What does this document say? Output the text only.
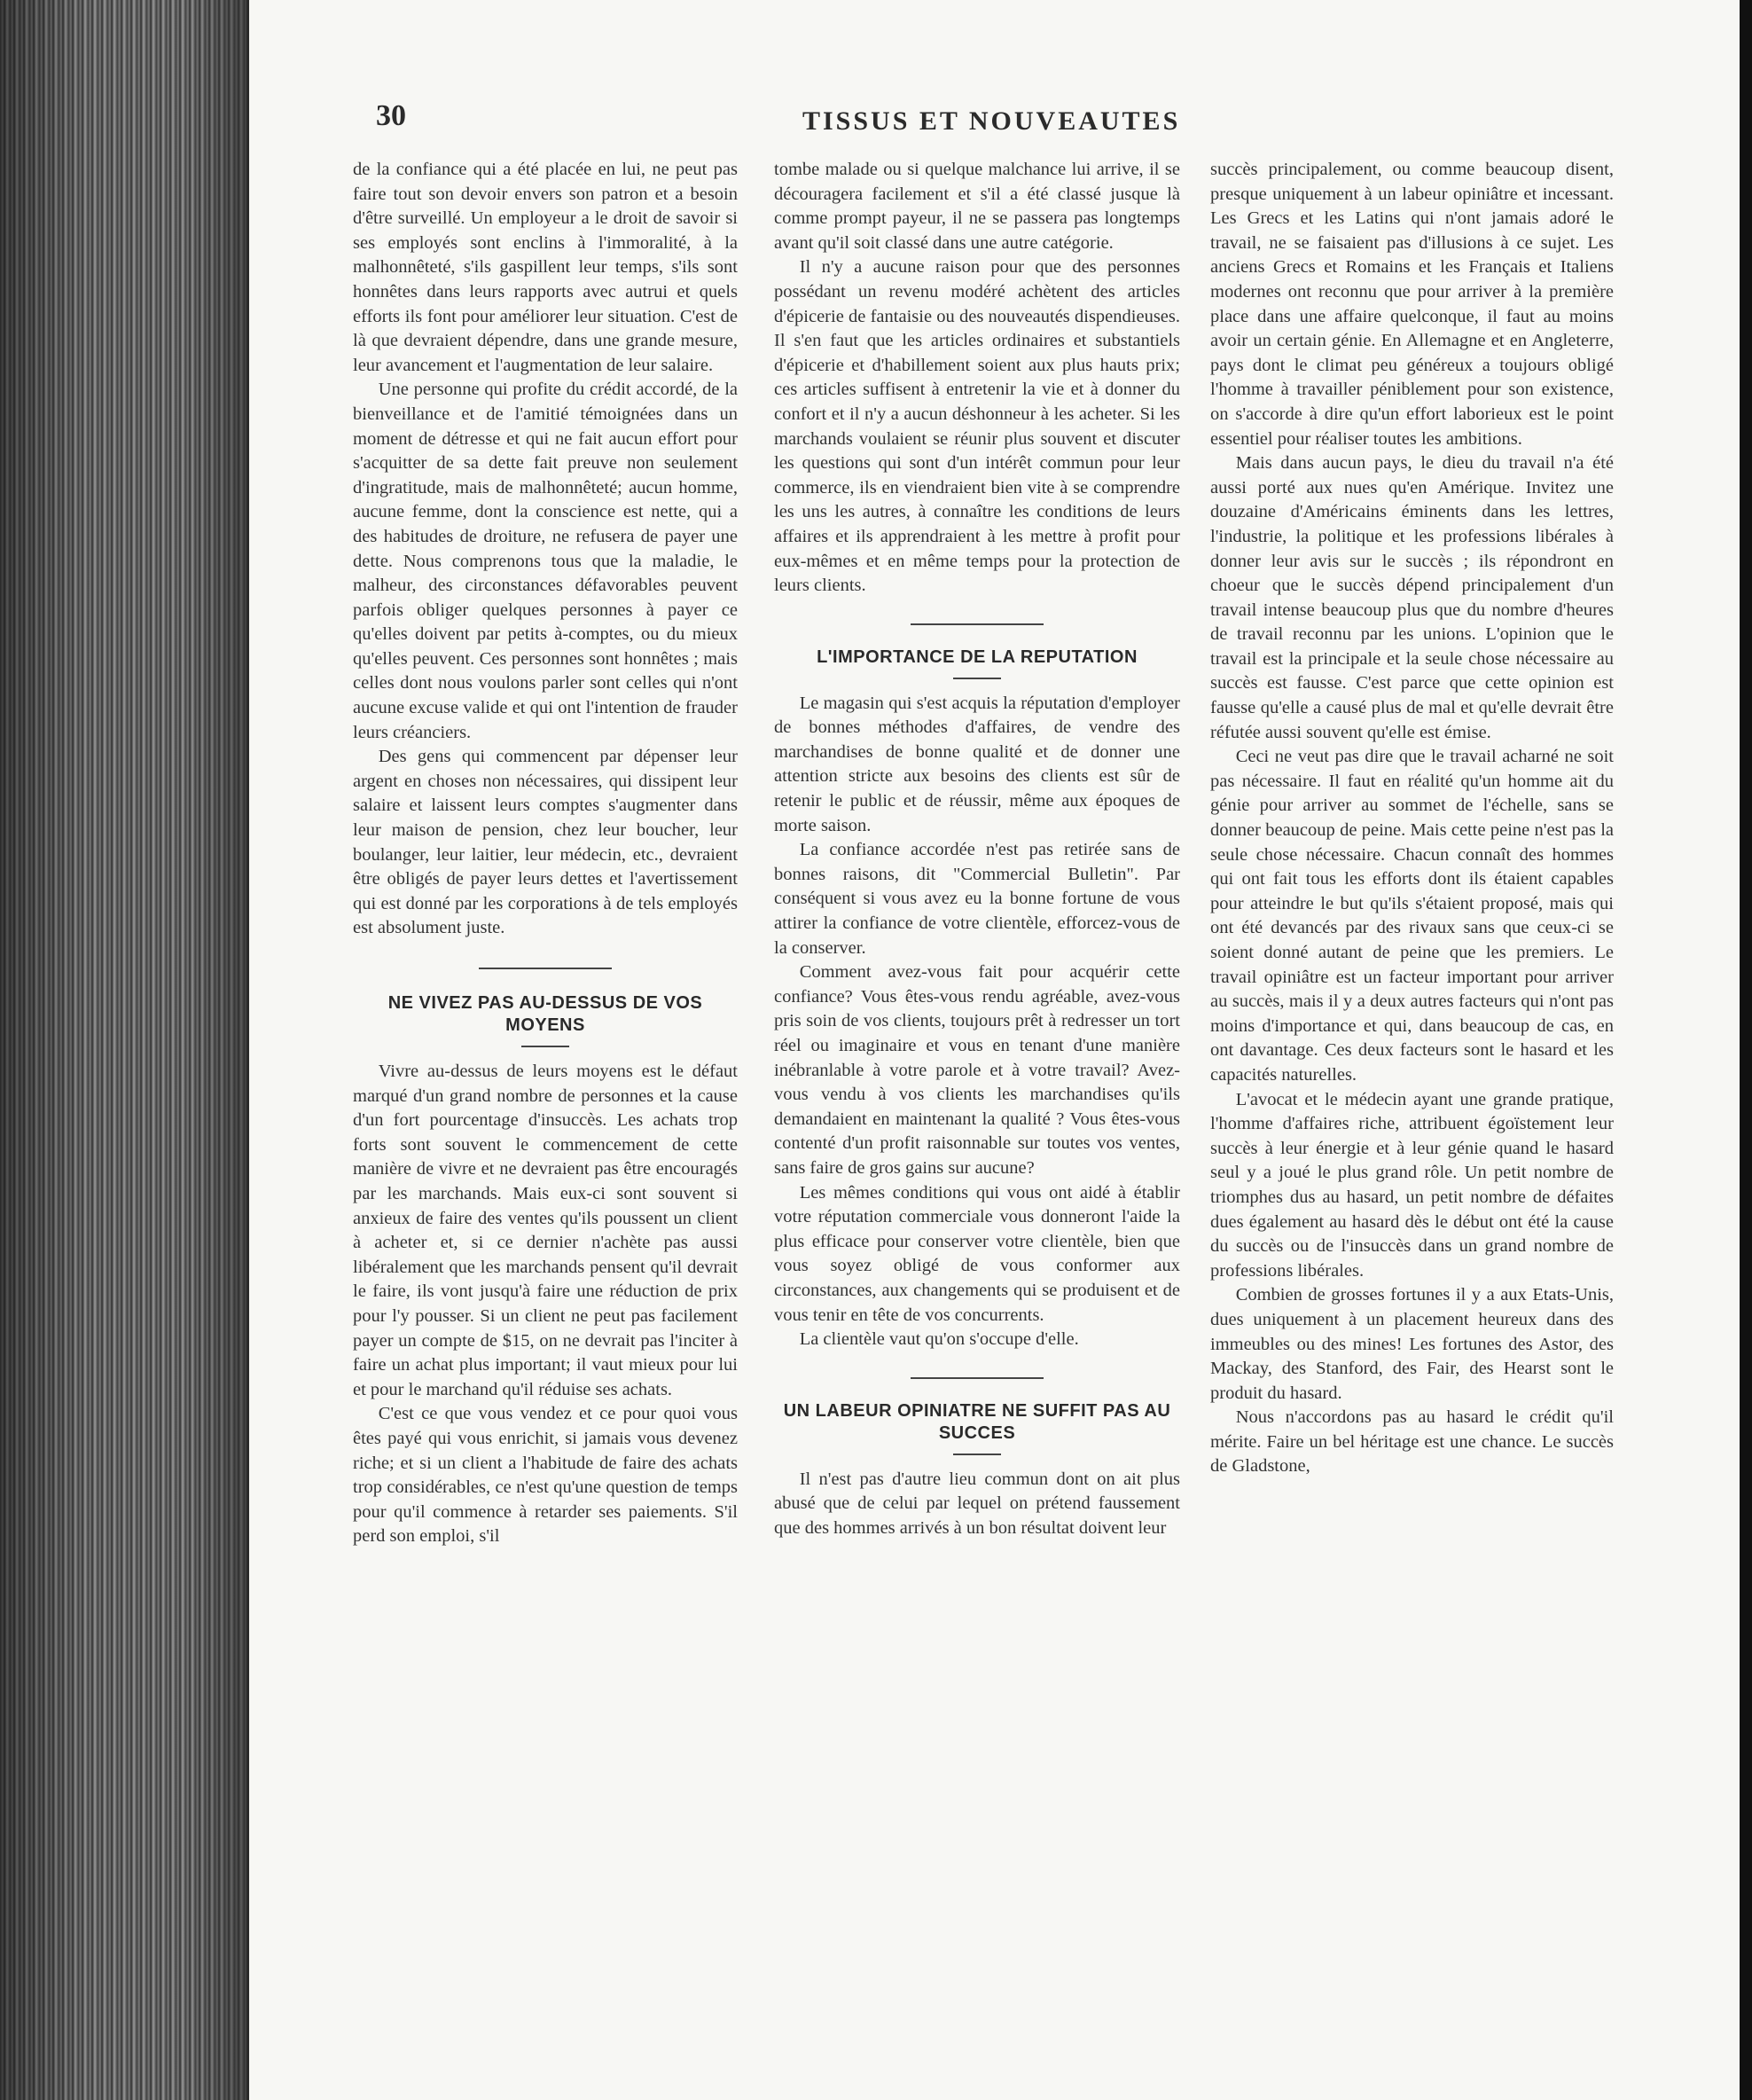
30	TISSUS ET NOUVEAUTES

de la confiance qui a été placée en lui, ne peut pas faire tout son devoir envers son patron et a besoin d'être surveillé. Un employeur a le droit de savoir si ses employés sont enclins à l'immoralité, à la malhonnêteté, s'ils gaspillent leur temps, s'ils sont honnêtes dans leurs rapports avec autrui et quels efforts ils font pour améliorer leur situation. C'est de là que devraient dépendre, dans une grande mesure, leur avancement et l'augmentation de leur salaire.

Une personne qui profite du crédit accordé, de la bienveillance et de l'amitié témoignées dans un moment de détresse et qui ne fait aucun effort pour s'acquitter de sa dette fait preuve non seulement d'ingratitude, mais de malhonnêteté; aucun homme, aucune femme, dont la conscience est nette, qui a des habitudes de droiture, ne refusera de payer une dette. Nous comprenons tous que la maladie, le malheur, des circonstances défavorables peuvent parfois obliger quelques personnes à payer ce qu'elles doivent par petits à-comptes, ou du mieux qu'elles peuvent. Ces personnes sont honnêtes ; mais celles dont nous voulons parler sont celles qui n'ont aucune excuse valide et qui ont l'intention de frauder leurs créanciers.

Des gens qui commencent par dépenser leur argent en choses non nécessaires, qui dissipent leur salaire et laissent leurs comptes s'augmenter dans leur maison de pension, chez leur boucher, leur boulanger, leur laitier, leur médecin, etc., devraient être obligés de payer leurs dettes et l'avertissement qui est donné par les corporations à de tels employés est absolument juste.

NE VIVEZ PAS AU-DESSUS DE VOS MOYENS

Vivre au-dessus de leurs moyens est le défaut marqué d'un grand nombre de personnes et la cause d'un fort pourcentage d'insuccès. Les achats trop forts sont souvent le commencement de cette manière de vivre et ne devraient pas être encouragés par les marchands. Mais eux-ci sont souvent si anxieux de faire des ventes qu'ils poussent un client à acheter et, si ce dernier n'achète pas aussi libéralement que les marchands pensent qu'il devrait le faire, ils vont jusqu'à faire une réduction de prix pour l'y pousser. Si un client ne peut pas facilement payer un compte de $15, on ne devrait pas l'inciter à faire un achat plus important; il vaut mieux pour lui et pour le marchand qu'il réduise ses achats.

C'est ce que vous vendez et ce pour quoi vous êtes payé qui vous enrichit, si jamais vous devenez riche; et si un client a l'habitude de faire des achats trop considérables, ce n'est qu'une question de temps pour qu'il commence à retarder ses paiements. S'il perd son emploi, s'il

tombe malade ou si quelque malchance lui arrive, il se découragera facilement et s'il a été classé jusque là comme prompt payeur, il ne se passera pas longtemps avant qu'il soit classé dans une autre catégorie.

Il n'y a aucune raison pour que des personnes possédant un revenu modéré achètent des articles d'épicerie de fantaisie ou des nouveautés dispendieuses. Il s'en faut que les articles ordinaires et substantiels d'épicerie et d'habillement soient aux plus hauts prix; ces articles suffisent à entretenir la vie et à donner du confort et il n'y a aucun déshonneur à les acheter. Si les marchands voulaient se réunir plus souvent et discuter les questions qui sont d'un intérêt commun pour leur commerce, ils en viendraient bien vite à se comprendre les uns les autres, à connaître les conditions de leurs affaires et ils apprendraient à les mettre à profit pour eux-mêmes et en même temps pour la protection de leurs clients.

L'IMPORTANCE DE LA REPUTATION

Le magasin qui s'est acquis la réputation d'employer de bonnes méthodes d'affaires, de vendre des marchandises de bonne qualité et de donner une attention stricte aux besoins des clients est sûr de retenir le public et de réussir, même aux époques de morte saison.

La confiance accordée n'est pas retirée sans de bonnes raisons, dit "Commercial Bulletin". Par conséquent si vous avez eu la bonne fortune de vous attirer la confiance de votre clientèle, efforcez-vous de la conserver.

Comment avez-vous fait pour acquérir cette confiance? Vous êtes-vous rendu agréable, avez-vous pris soin de vos clients, toujours prêt à redresser un tort réel ou imaginaire et vous en tenant d'une manière inébranlable à votre parole et à votre travail? Avez-vous vendu à vos clients les marchandises qu'ils demandaient en maintenant la qualité ? Vous êtes-vous contenté d'un profit raisonnable sur toutes vos ventes, sans faire de gros gains sur aucune?

Les mêmes conditions qui vous ont aidé à établir votre réputation commerciale vous donneront l'aide la plus efficace pour conserver votre clientèle, bien que vous soyez obligé de vous conformer aux circonstances, aux changements qui se produisent et de vous tenir en tête de vos concurrents.

La clientèle vaut qu'on s'occupe d'elle.

UN LABEUR OPINIATRE NE SUFFIT PAS AU SUCCES

Il n'est pas d'autre lieu commun dont on ait plus abusé que de celui par lequel on prétend faussement que des hommes arrivés à un bon résultat doivent leur

succès principalement, ou comme beaucoup disent, presque uniquement à un labeur opiniâtre et incessant. Les Grecs et les Latins qui n'ont jamais adoré le travail, ne se faisaient pas d'illusions à ce sujet. Les anciens Grecs et Romains et les Français et Italiens modernes ont reconnu que pour arriver à la première place dans une affaire quelconque, il faut au moins avoir un certain génie. En Allemagne et en Angleterre, pays dont le climat peu généreux a toujours obligé l'homme à travailler péniblement pour son existence, on s'accorde à dire qu'un effort laborieux est le point essentiel pour réaliser toutes les ambitions.

Mais dans aucun pays, le dieu du travail n'a été aussi porté aux nues qu'en Amérique. Invitez une douzaine d'Américains éminents dans les lettres, l'industrie, la politique et les professions libérales à donner leur avis sur le succès ; ils répondront en choeur que le succès dépend principalement d'un travail intense beaucoup plus que du nombre d'heures de travail reconnu par les unions. L'opinion que le travail est la principale et la seule chose nécessaire au succès est fausse. C'est parce que cette opinion est fausse qu'elle a causé plus de mal et qu'elle devrait être réfutée aussi souvent qu'elle est émise.

Ceci ne veut pas dire que le travail acharné ne soit pas nécessaire. Il faut en réalité qu'un homme ait du génie pour arriver au sommet de l'échelle, sans se donner beaucoup de peine. Mais cette peine n'est pas la seule chose nécessaire. Chacun connaît des hommes qui ont fait tous les efforts dont ils étaient capables pour atteindre le but qu'ils s'étaient proposé, mais qui ont été devancés par des rivaux sans que ceux-ci se soient donné autant de peine que les premiers. Le travail opiniâtre est un facteur important pour arriver au succès, mais il y a deux autres facteurs qui n'ont pas moins d'importance et qui, dans beaucoup de cas, en ont davantage. Ces deux facteurs sont le hasard et les capacités naturelles.

L'avocat et le médecin ayant une grande pratique, l'homme d'affaires riche, attribuent égoïstement leur succès à leur énergie et à leur génie quand le hasard seul y a joué le plus grand rôle. Un petit nombre de triomphes dus au hasard, un petit nombre de défaites dues également au hasard dès le début ont été la cause du succès ou de l'insuccès dans un grand nombre de professions libérales.

Combien de grosses fortunes il y a aux Etats-Unis, dues uniquement à un placement heureux dans des immeubles ou des mines! Les fortunes des Astor, des Mackay, des Stanford, des Fair, des Hearst sont le produit du hasard.

Nous n'accordons pas au hasard le crédit qu'il mérite. Faire un bel héritage est une chance. Le succès de Gladstone,
